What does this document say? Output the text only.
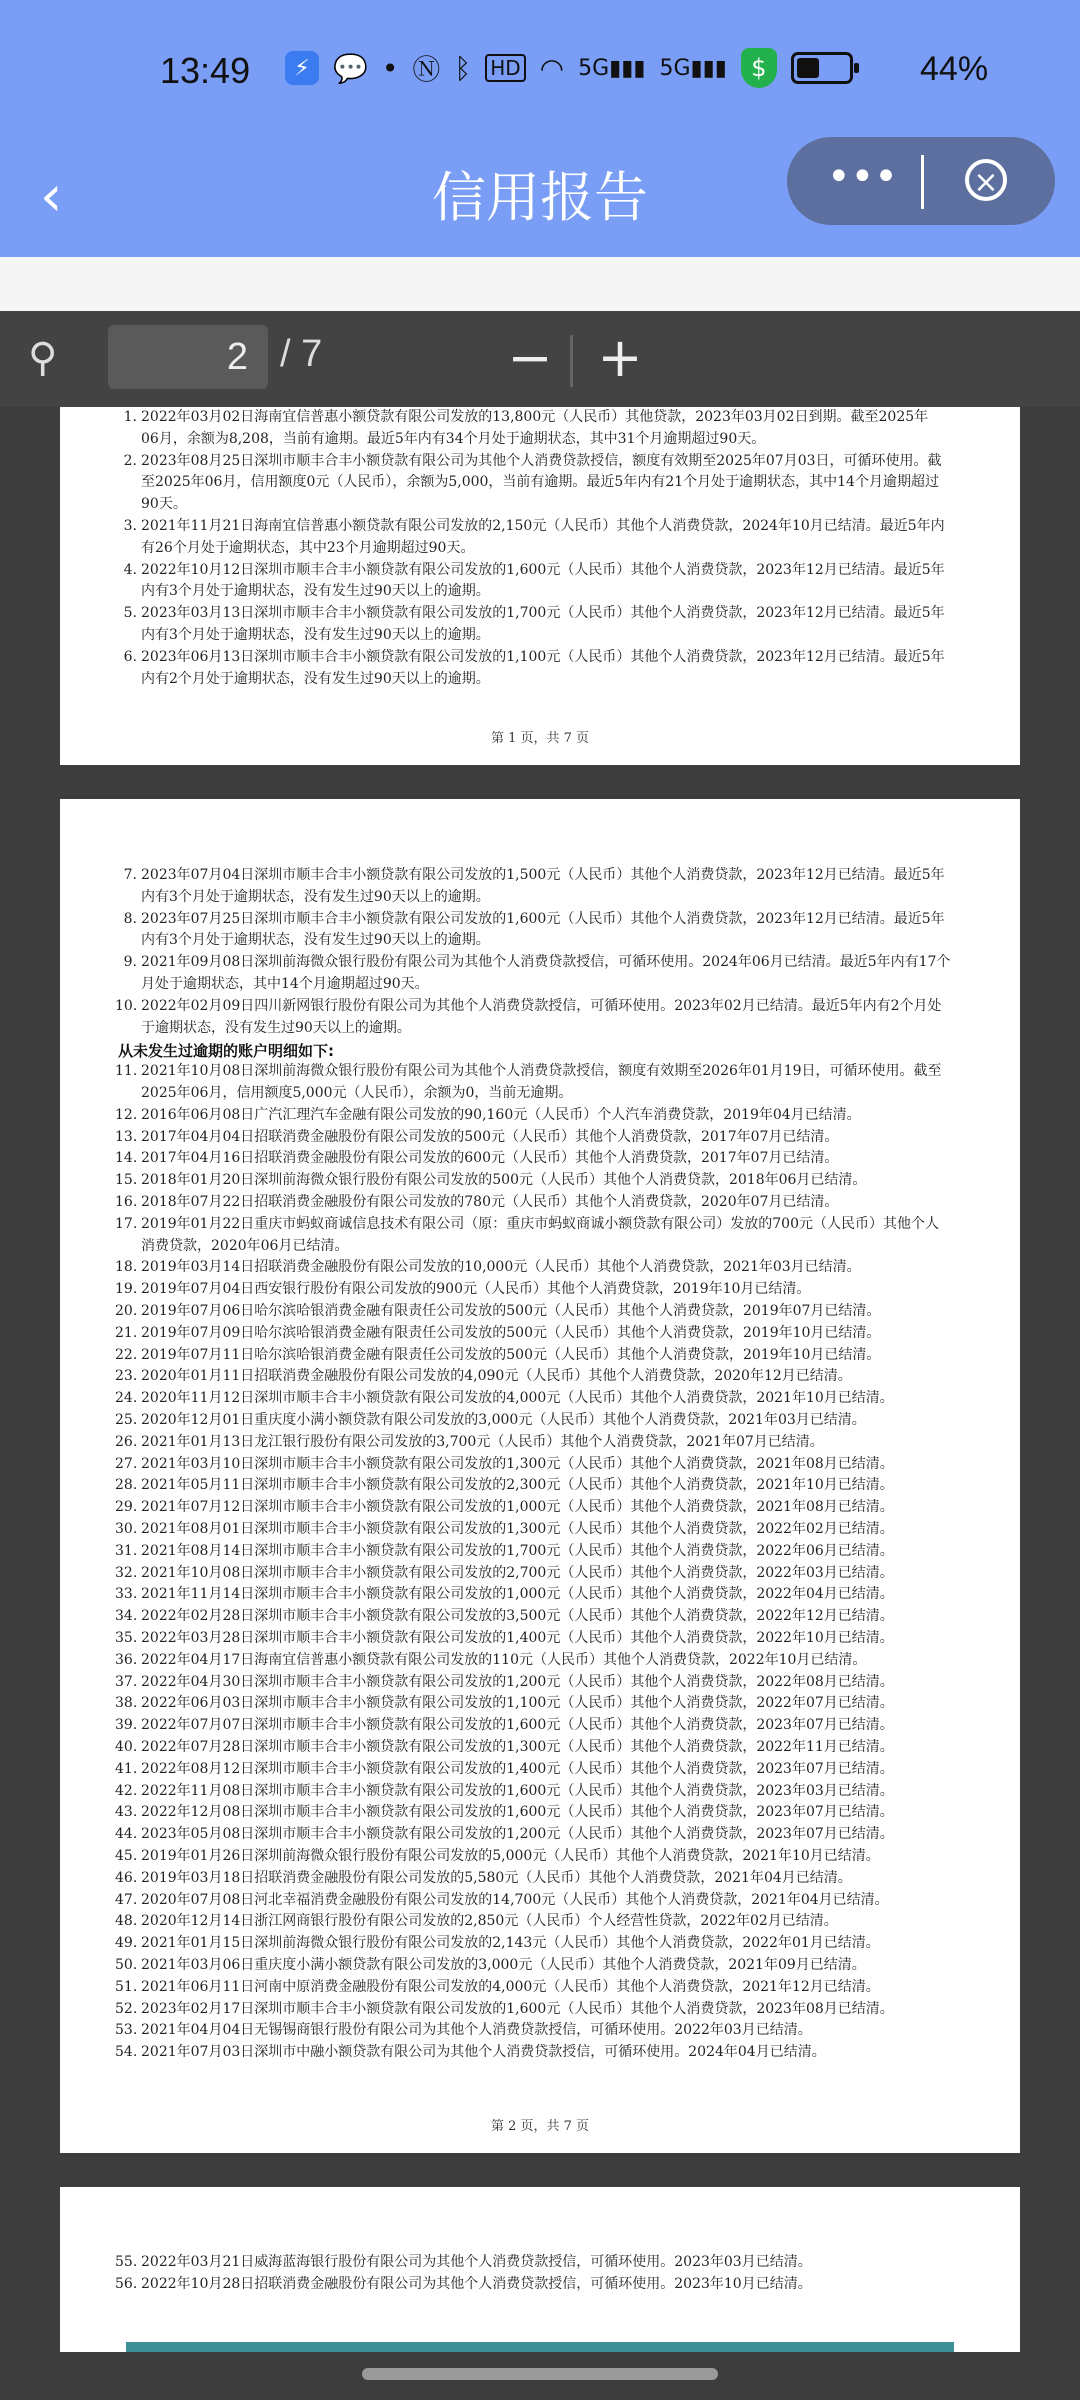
13:49	⚡ 💬 • Ⓝ ᛒ HD ◠ 5G▮▮▮ 5G▮▮▮	$	44%
‹	信用报告	•••	×
⚲
2	/ 7	− +
第 1 页，共 7 页
1. 2022年03月02日海南宜信普惠小额贷款有限公司发放的13,800元（人民币）其他贷款，2023年03月02日到期。截至2025年
06月，余额为8,208，当前有逾期。最近5年内有34个月处于逾期状态，其中31个月逾期超过90天。
2. 2023年08月25日深圳市顺丰合丰小额贷款有限公司为其他个人消费贷款授信，额度有效期至2025年07月03日，可循环使用。截
至2025年06月，信用额度0元（人民币），余额为5,000，当前有逾期。最近5年内有21个月处于逾期状态，其中14个月逾期超过
90天。
3. 2021年11月21日海南宜信普惠小额贷款有限公司发放的2,150元（人民币）其他个人消费贷款，2024年10月已结清。最近5年内
有26个月处于逾期状态，其中23个月逾期超过90天。
4. 2022年10月12日深圳市顺丰合丰小额贷款有限公司发放的1,600元（人民币）其他个人消费贷款，2023年12月已结清。最近5年
内有3个月处于逾期状态，没有发生过90天以上的逾期。
5. 2023年03月13日深圳市顺丰合丰小额贷款有限公司发放的1,700元（人民币）其他个人消费贷款，2023年12月已结清。最近5年
内有3个月处于逾期状态，没有发生过90天以上的逾期。
6. 2023年06月13日深圳市顺丰合丰小额贷款有限公司发放的1,100元（人民币）其他个人消费贷款，2023年12月已结清。最近5年
内有2个月处于逾期状态，没有发生过90天以上的逾期。
从未发生过逾期的账户明细如下:
第 2 页，共 7 页
7. 2023年07月04日深圳市顺丰合丰小额贷款有限公司发放的1,500元（人民币）其他个人消费贷款，2023年12月已结清。最近5年
内有3个月处于逾期状态，没有发生过90天以上的逾期。
8. 2023年07月25日深圳市顺丰合丰小额贷款有限公司发放的1,600元（人民币）其他个人消费贷款，2023年12月已结清。最近5年
内有3个月处于逾期状态，没有发生过90天以上的逾期。
9. 2021年09月08日深圳前海微众银行股份有限公司为其他个人消费贷款授信，可循环使用。2024年06月已结清。最近5年内有17个
月处于逾期状态，其中14个月逾期超过90天。
10. 2022年02月09日四川新网银行股份有限公司为其他个人消费贷款授信，可循环使用。2023年02月已结清。最近5年内有2个月处
于逾期状态，没有发生过90天以上的逾期。
11. 2021年10月08日深圳前海微众银行股份有限公司为其他个人消费贷款授信，额度有效期至2026年01月19日，可循环使用。截至
2025年06月，信用额度5,000元（人民币），余额为0，当前无逾期。
12. 2016年06月08日广汽汇理汽车金融有限公司发放的90,160元（人民币）个人汽车消费贷款，2019年04月已结清。
13. 2017年04月04日招联消费金融股份有限公司发放的500元（人民币）其他个人消费贷款，2017年07月已结清。
14. 2017年04月16日招联消费金融股份有限公司发放的600元（人民币）其他个人消费贷款，2017年07月已结清。
15. 2018年01月20日深圳前海微众银行股份有限公司发放的500元（人民币）其他个人消费贷款，2018年06月已结清。
16. 2018年07月22日招联消费金融股份有限公司发放的780元（人民币）其他个人消费贷款，2020年07月已结清。
17. 2019年01月22日重庆市蚂蚁商诚信息技术有限公司（原：重庆市蚂蚁商诚小额贷款有限公司）发放的700元（人民币）其他个人
消费贷款，2020年06月已结清。
18. 2019年03月14日招联消费金融股份有限公司发放的10,000元（人民币）其他个人消费贷款，2021年03月已结清。
19. 2019年07月04日西安银行股份有限公司发放的900元（人民币）其他个人消费贷款，2019年10月已结清。
20. 2019年07月06日哈尔滨哈银消费金融有限责任公司发放的500元（人民币）其他个人消费贷款，2019年07月已结清。
21. 2019年07月09日哈尔滨哈银消费金融有限责任公司发放的500元（人民币）其他个人消费贷款，2019年10月已结清。
22. 2019年07月11日哈尔滨哈银消费金融有限责任公司发放的500元（人民币）其他个人消费贷款，2019年10月已结清。
23. 2020年01月11日招联消费金融股份有限公司发放的4,090元（人民币）其他个人消费贷款，2020年12月已结清。
24. 2020年11月12日深圳市顺丰合丰小额贷款有限公司发放的4,000元（人民币）其他个人消费贷款，2021年10月已结清。
25. 2020年12月01日重庆度小满小额贷款有限公司发放的3,000元（人民币）其他个人消费贷款，2021年03月已结清。
26. 2021年01月13日龙江银行股份有限公司发放的3,700元（人民币）其他个人消费贷款，2021年07月已结清。
27. 2021年03月10日深圳市顺丰合丰小额贷款有限公司发放的1,300元（人民币）其他个人消费贷款，2021年08月已结清。
28. 2021年05月11日深圳市顺丰合丰小额贷款有限公司发放的2,300元（人民币）其他个人消费贷款，2021年10月已结清。
29. 2021年07月12日深圳市顺丰合丰小额贷款有限公司发放的1,000元（人民币）其他个人消费贷款，2021年08月已结清。
30. 2021年08月01日深圳市顺丰合丰小额贷款有限公司发放的1,300元（人民币）其他个人消费贷款，2022年02月已结清。
31. 2021年08月14日深圳市顺丰合丰小额贷款有限公司发放的1,700元（人民币）其他个人消费贷款，2022年06月已结清。
32. 2021年10月08日深圳市顺丰合丰小额贷款有限公司发放的2,700元（人民币）其他个人消费贷款，2022年03月已结清。
33. 2021年11月14日深圳市顺丰合丰小额贷款有限公司发放的1,000元（人民币）其他个人消费贷款，2022年04月已结清。
34. 2022年02月28日深圳市顺丰合丰小额贷款有限公司发放的3,500元（人民币）其他个人消费贷款，2022年12月已结清。
35. 2022年03月28日深圳市顺丰合丰小额贷款有限公司发放的1,400元（人民币）其他个人消费贷款，2022年10月已结清。
36. 2022年04月17日海南宜信普惠小额贷款有限公司发放的110元（人民币）其他个人消费贷款，2022年10月已结清。
37. 2022年04月30日深圳市顺丰合丰小额贷款有限公司发放的1,200元（人民币）其他个人消费贷款，2022年08月已结清。
38. 2022年06月03日深圳市顺丰合丰小额贷款有限公司发放的1,100元（人民币）其他个人消费贷款，2022年07月已结清。
39. 2022年07月07日深圳市顺丰合丰小额贷款有限公司发放的1,600元（人民币）其他个人消费贷款，2023年07月已结清。
40. 2022年07月28日深圳市顺丰合丰小额贷款有限公司发放的1,300元（人民币）其他个人消费贷款，2022年11月已结清。
41. 2022年08月12日深圳市顺丰合丰小额贷款有限公司发放的1,400元（人民币）其他个人消费贷款，2023年07月已结清。
42. 2022年11月08日深圳市顺丰合丰小额贷款有限公司发放的1,600元（人民币）其他个人消费贷款，2023年03月已结清。
43. 2022年12月08日深圳市顺丰合丰小额贷款有限公司发放的1,600元（人民币）其他个人消费贷款，2023年07月已结清。
44. 2023年05月08日深圳市顺丰合丰小额贷款有限公司发放的1,200元（人民币）其他个人消费贷款，2023年07月已结清。
45. 2019年01月26日深圳前海微众银行股份有限公司发放的5,000元（人民币）其他个人消费贷款，2021年10月已结清。
46. 2019年03月18日招联消费金融股份有限公司发放的5,580元（人民币）其他个人消费贷款，2021年04月已结清。
47. 2020年07月08日河北幸福消费金融股份有限公司发放的14,700元（人民币）其他个人消费贷款，2021年04月已结清。
48. 2020年12月14日浙江网商银行股份有限公司发放的2,850元（人民币）个人经营性贷款，2022年02月已结清。
49. 2021年01月15日深圳前海微众银行股份有限公司发放的2,143元（人民币）其他个人消费贷款，2022年01月已结清。
50. 2021年03月06日重庆度小满小额贷款有限公司发放的3,000元（人民币）其他个人消费贷款，2021年09月已结清。
51. 2021年06月11日河南中原消费金融股份有限公司发放的4,000元（人民币）其他个人消费贷款，2021年12月已结清。
52. 2023年02月17日深圳市顺丰合丰小额贷款有限公司发放的1,600元（人民币）其他个人消费贷款，2023年08月已结清。
53. 2021年04月04日无锡锡商银行股份有限公司为其他个人消费贷款授信，可循环使用。2022年03月已结清。
54. 2021年07月03日深圳市中融小额贷款有限公司为其他个人消费贷款授信，可循环使用。2024年04月已结清。
55. 2022年03月21日威海蓝海银行股份有限公司为其他个人消费贷款授信，可循环使用。2023年03月已结清。
56. 2022年10月28日招联消费金融股份有限公司为其他个人消费贷款授信，可循环使用。2023年10月已结清。
